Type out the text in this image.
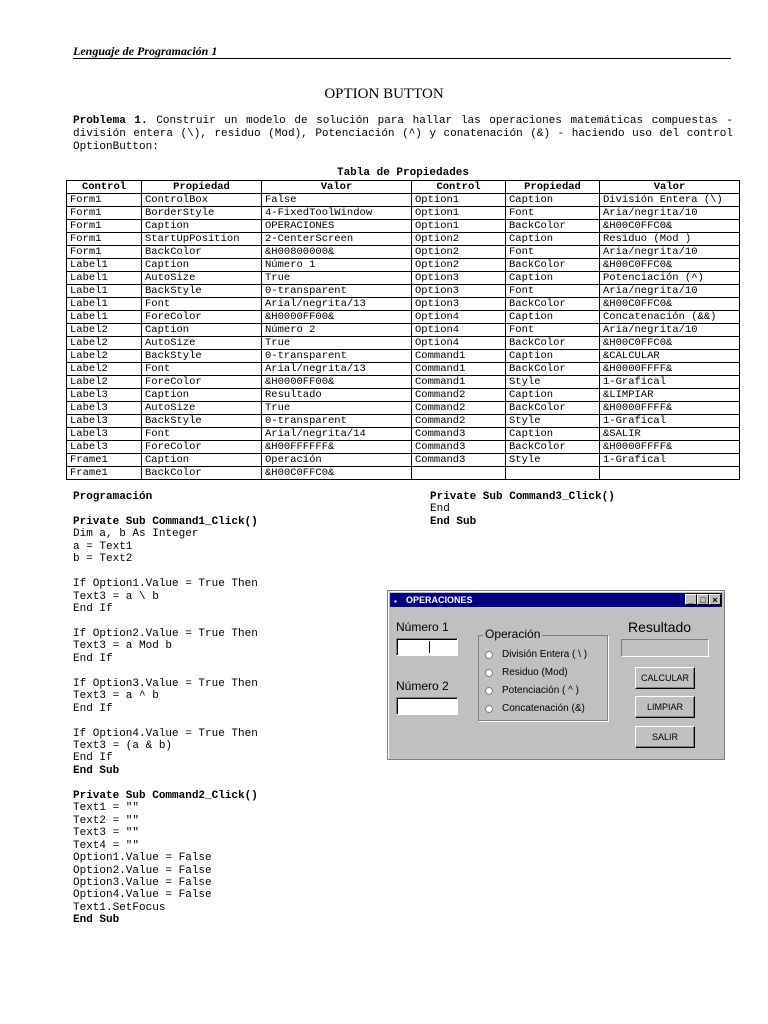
Lenguaje de Programación 1
OPTION BUTTON
Problema 1. Construir un modelo de solución para hallar las operaciones matemáticas compuestas - división entera (\), residuo (Mod), Potenciación (^) y conatenación (&) - haciendo uso del control OptionButton:
Tabla de Propiedades
Control	Propiedad	Valor	Control	Propiedad	Valor
Form1	ControlBox	False	Option1	Caption	División Entera (\)
Form1	BorderStyle	4-FixedToolWindow	Option1	Font	Aria/negrita/10
Form1	Caption	OPERACIONES	Option1	BackColor	&H00C0FFC0&
Form1	StartUpPosition	2-CenterScreen	Option2	Caption	Residuo (Mod )
Form1	BackColor	&H00800000&	Option2	Font	Aria/negrita/10
Label1	Caption	Número 1	Option2	BackColor	&H00C0FFC0&
Label1	AutoSize	True	Option3	Caption	Potenciación (^)
Label1	BackStyle	0-transparent	Option3	Font	Aria/negrita/10
Label1	Font	Arial/negrita/13	Option3	BackColor	&H00C0FFC0&
Label1	ForeColor	&H0000FF00&	Option4	Caption	Concatenación (&&)
Label2	Caption	Número 2	Option4	Font	Aria/negrita/10
Label2	AutoSize	True	Option4	BackColor	&H00C0FFC0&
Label2	BackStyle	0-transparent	Command1	Caption	&CALCULAR
Label2	Font	Arial/negrita/13	Command1	BackColor	&H0000FFFF&
Label2	ForeColor	&H0000FF00&	Command1	Style	1-Grafical
Label3	Caption	Resultado	Command2	Caption	&LIMPIAR
Label3	AutoSize	True	Command2	BackColor	&H0000FFFF&
Label3	BackStyle	0-transparent	Command2	Style	1-Grafical
Label3	Font	Arial/negrita/14	Command3	Caption	&SALIR
Label3	ForeColor	&H00FFFFFF&	Command3	BackColor	&H0000FFFF&
Frame1	Caption	Operación	Command3	Style	1-Grafical
Frame1	BackColor	&H00C0FFC0&			
Programación
Private Sub Command1_Click()
Dim a, b As Integer
a = Text1
b = Text2
If Option1.Value = True Then
Text3 = a \ b
End If
If Option2.Value = True Then
Text3 = a Mod b
End If
If Option3.Value = True Then
Text3 = a ^ b
End If
If Option4.Value = True Then
Text3 = (a & b)
End If
End Sub
Private Sub Command2_Click()
Text1 = ""
Text2 = ""
Text3 = ""
Text4 = ""
Option1.Value = False
Option2.Value = False
Option3.Value = False
Option4.Value = False
Text1.SetFocus
End Sub
Private Sub Command3_Click()
End
End Sub
▪ OPERACIONES	_ □ ×
Número 1
Número 2
Operación
División Entera ( \ )
Residuo (Mod)
Potenciación ( ^ )
Concatenación (&)
Resultado
CALCULAR
LIMPIAR
SALIR
